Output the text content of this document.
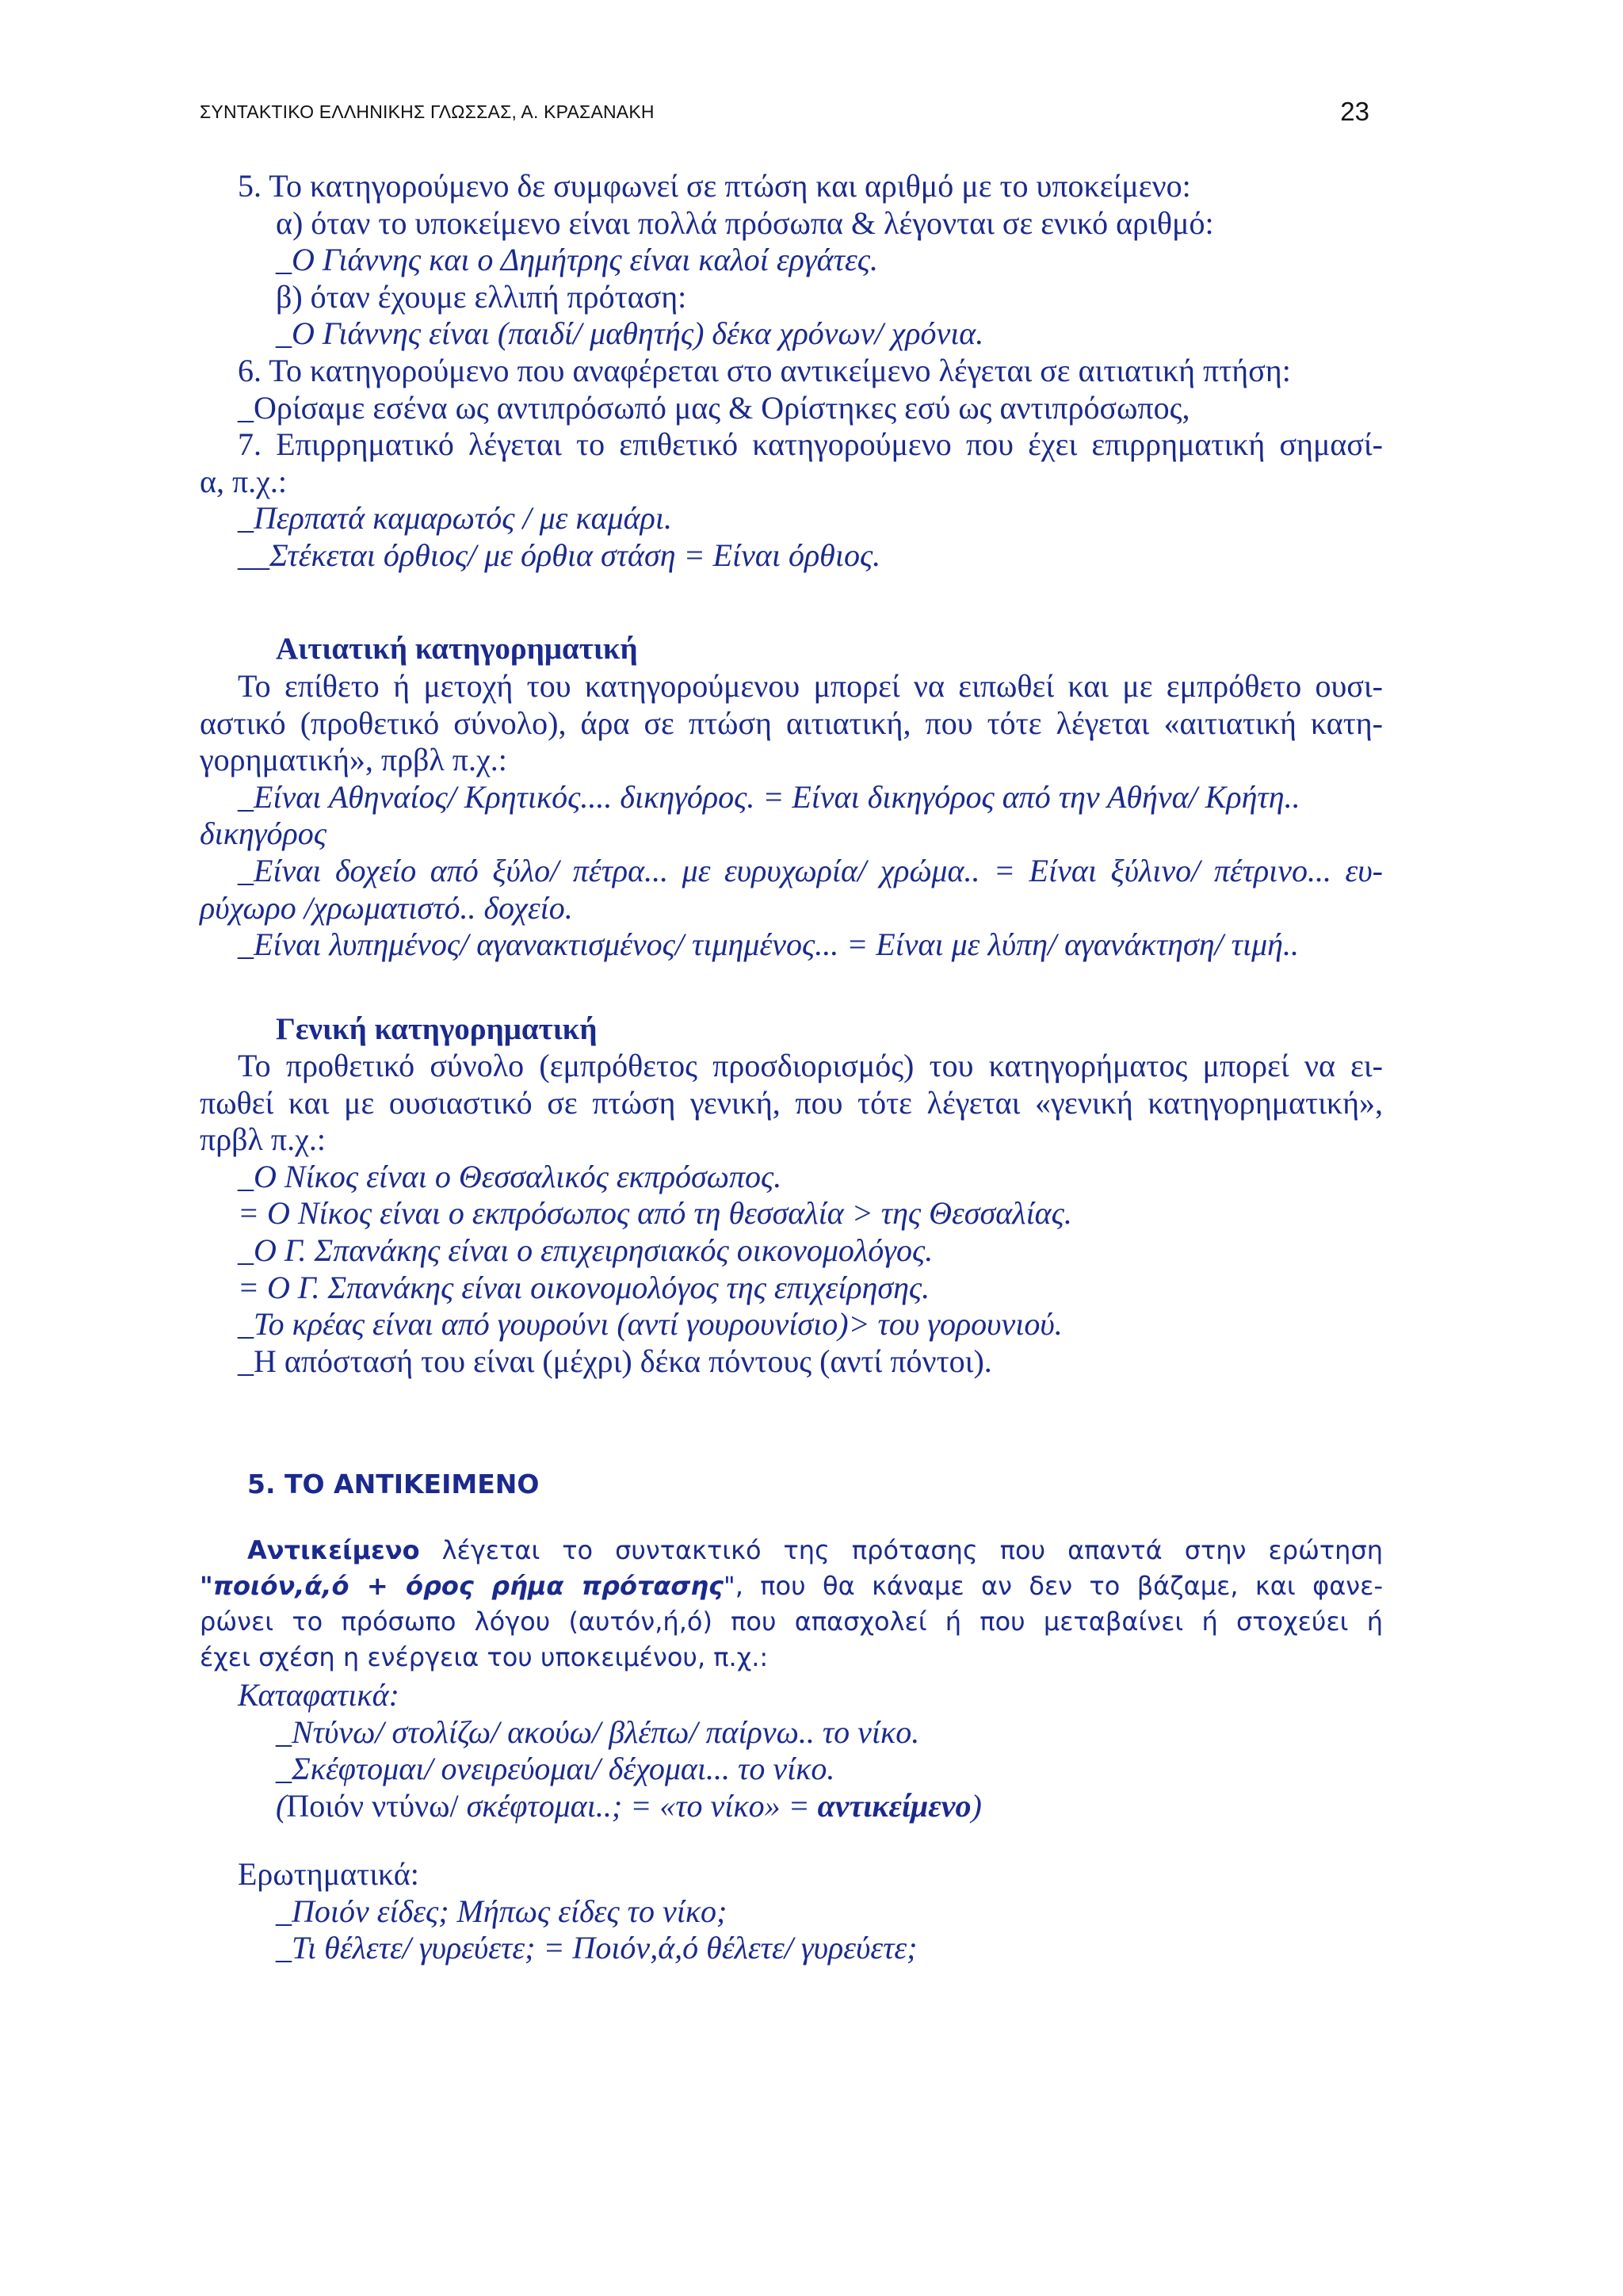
ΣΥΝΤΑΚΤΙΚΟ ΕΛΛΗΝΙΚΗΣ ΓΛΩΣΣΑΣ, Α. ΚΡΑΣΑΝΑΚΗ	23
5. Το κατηγορούμενο δε συμφωνεί σε πτώση και αριθμό με το υποκείμενο:
α) όταν το υποκείμενο είναι πολλά πρόσωπα & λέγονται σε ενικό αριθμό:
_Ο Γιάννης και ο Δημήτρης είναι καλοί εργάτες.
β) όταν έχουμε ελλιπή πρόταση:
_Ο Γιάννης είναι (παιδί/ μαθητής) δέκα χρόνων/ χρόνια.
6. Το κατηγορούμενο που αναφέρεται στο αντικείμενο λέγεται σε αιτιατική πτήση:
_Ορίσαμε εσένα ως αντιπρόσωπό μας & Ορίστηκες εσύ ως αντιπρόσωπος,
7. Επιρρηματικό λέγεται το επιθετικό κατηγορούμενο που έχει επιρρηματική σημασί-
α, π.χ.:
_Περπατά καμαρωτός / με καμάρι.
__Στέκεται όρθιος/ με όρθια στάση = Είναι όρθιος.
Αιτιατική κατηγορηματική
Το επίθετο ή μετοχή του κατηγορούμενου μπορεί να ειπωθεί και με εμπρόθετο ουσι-
αστικό (προθετικό σύνολο), άρα σε πτώση αιτιατική, που τότε λέγεται «αιτιατική κατη-
γορηματική», πρβλ π.χ.:
_Είναι Αθηναίος/ Κρητικός.... δικηγόρος. = Είναι δικηγόρος από την Αθήνα/ Κρήτη..
δικηγόρος
_Είναι δοχείο από ξύλο/ πέτρα... με ευρυχωρία/ χρώμα.. = Είναι ξύλινο/ πέτρινο... ευ-
ρύχωρο /χρωματιστό.. δοχείο.
_Είναι λυπημένος/ αγανακτισμένος/ τιμημένος... = Είναι με λύπη/ αγανάκτηση/ τιμή..
Γενική κατηγορηματική
Το προθετικό σύνολο (εμπρόθετος προσδιορισμός) του κατηγορήματος μπορεί να ει-
πωθεί και με ουσιαστικό σε πτώση γενική, που τότε λέγεται «γενική κατηγορηματική»,
πρβλ π.χ.:
_Ο Νίκος είναι ο Θεσσαλικός εκπρόσωπος.
= Ο Νίκος είναι ο εκπρόσωπος από τη θεσσαλία > της Θεσσαλίας.
_Ο Γ. Σπανάκης είναι ο επιχειρησιακός οικονομολόγος.
= Ο Γ. Σπανάκης είναι οικονομολόγος της επιχείρησης.
_Το κρέας είναι από γουρούνι (αντί γουρουνίσιο)> του γορουνιού.
_Η απόστασή του είναι (μέχρι) δέκα πόντους (αντί πόντοι).
5. ΤΟ ΑΝΤΙΚΕΙΜΕΝΟ
Αντικείμενο λέγεται το συντακτικό της πρότασης που απαντά στην ερώτηση
"ποιόν,ά,ό + όρος ρήμα πρότασης", που θα κάναμε αν δεν το βάζαμε, και φανε-
ρώνει το πρόσωπο λόγου (αυτόν,ή,ό) που απασχολεί ή που μεταβαίνει ή στοχεύει ή
έχει σχέση η ενέργεια του υποκειμένου, π.χ.:
Καταφατικά:
_Ντύνω/ στολίζω/ ακούω/ βλέπω/ παίρνω.. το νίκο.
_Σκέφτομαι/ ονειρεύομαι/ δέχομαι... το νίκο.
(Ποιόν ντύνω/ σκέφτομαι..; = «το νίκο» = αντικείμενο)
Ερωτηματικά:
_Ποιόν είδες; Μήπως είδες το νίκο;
_Τι θέλετε/ γυρεύετε; = Ποιόν,ά,ό θέλετε/ γυρεύετε;
